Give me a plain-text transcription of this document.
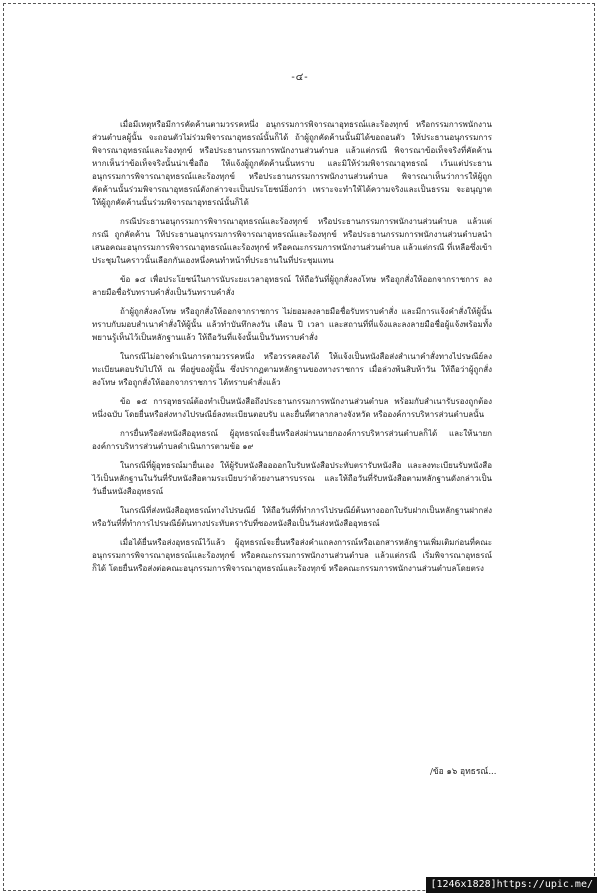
-๔-

เมื่อมีเหตุหรือมีการคัดค้านตามวรรคหนึ่ง อนุกรรมการพิจารณาอุทธรณ์และร้องทุกข์ หรือกรรมการพนักงานส่วนตำบลผู้นั้น จะถอนตัวไม่ร่วมพิจารณาอุทธรณ์นั้นก็ได้ ถ้าผู้ถูกคัดค้านนั้นมิได้ขอถอนตัว ให้ประธานอนุกรรมการพิจารณาอุทธรณ์และร้องทุกข์ หรือประธานกรรมการพนักงานส่วนตำบล แล้วแต่กรณี พิจารณาข้อเท็จจริงที่คัดค้าน หากเห็นว่าข้อเท็จจริงนั้นน่าเชื่อถือ ให้แจ้งผู้ถูกคัดค้านนั้นทราบ และมิให้ร่วมพิจารณาอุทธรณ์ เว้นแต่ประธานอนุกรรมการพิจารณาอุทธรณ์และร้องทุกข์ หรือประธานกรรมการพนักงานส่วนตำบล พิจารณาเห็นว่าการให้ผู้ถูกคัดค้านนั้นร่วมพิจารณาอุทธรณ์ดังกล่าวจะเป็นประโยชน์ยิ่งกว่า เพราะจะทำให้ได้ความจริงและเป็นธรรม จะอนุญาตให้ผู้ถูกคัดค้านนั้นร่วมพิจารณาอุทธรณ์นั้นก็ได้

กรณีประธานอนุกรรมการพิจารณาอุทธรณ์และร้องทุกข์ หรือประธานกรรมการพนักงานส่วนตำบล แล้วแต่กรณี ถูกคัดค้าน ให้ประธานอนุกรรมการพิจารณาอุทธรณ์และร้องทุกข์ หรือประธานกรรมการพนักงานส่วนตำบลนำเสนอคณะอนุกรรมการพิจารณาอุทธรณ์และร้องทุกข์ หรือคณะกรรมการพนักงานส่วนตำบล แล้วแต่กรณี ที่เหลือซึ่งเข้าประชุมในคราวนั้นเลือกกันเองหนึ่งคนทำหน้าที่ประธานในที่ประชุมแทน

ข้อ ๑๔ เพื่อประโยชน์ในการนับระยะเวลาอุทธรณ์ ให้ถือวันที่ผู้ถูกสั่งลงโทษ หรือถูกสั่งให้ออกจากราชการ ลงลายมือชื่อรับทราบคำสั่งเป็นวันทราบคำสั่ง

ถ้าผู้ถูกสั่งลงโทษ หรือถูกสั่งให้ออกจากราชการ ไม่ยอมลงลายมือชื่อรับทราบคำสั่ง และมีการแจ้งคำสั่งให้ผู้นั้นทราบกับมอบสำเนาคำสั่งให้ผู้นั้น แล้วทำบันทึกลงวัน เดือน ปี เวลา และสถานที่ที่แจ้งและลงลายมือชื่อผู้แจ้งพร้อมทั้งพยานรู้เห็นไว้เป็นหลักฐานแล้ว ให้ถือวันที่แจ้งนั้นเป็นวันทราบคำสั่ง

ในกรณีไม่อาจดำเนินการตามวรรคหนึ่ง หรือวรรคสองได้ ให้แจ้งเป็นหนังสือส่งสำเนาคำสั่งทางไปรษณีย์ลงทะเบียนตอบรับไปให้ ณ ที่อยู่ของผู้นั้น ซึ่งปรากฏตามหลักฐานของทางราชการ เมื่อล่วงพ้นสิบห้าวัน ให้ถือว่าผู้ถูกสั่งลงโทษ หรือถูกสั่งให้ออกจากราชการ ได้ทราบคำสั่งแล้ว

ข้อ ๑๕ การอุทธรณ์ต้องทำเป็นหนังสือถึงประธานกรรมการพนักงานส่วนตำบล พร้อมกับสำเนารับรองถูกต้องหนึ่งฉบับ โดยยื่นหรือส่งทางไปรษณีย์ลงทะเบียนตอบรับ และยื่นที่ศาลากลางจังหวัด หรือองค์การบริหารส่วนตำบลนั้น

การยื่นหรือส่งหนังสืออุทธรณ์ ผู้อุทธรณ์จะยื่นหรือส่งผ่านนายกองค์การบริหารส่วนตำบลก็ได้ และให้นายกองค์การบริหารส่วนตำบลดำเนินการตามข้อ ๑๙

ในกรณีที่ผู้อุทธรณ์มายื่นเอง ให้ผู้รับหนังสืออออกใบรับหนังสือประทับตรารับหนังสือ และลงทะเบียนรับหนังสือไว้เป็นหลักฐานในวันที่รับหนังสือตามระเบียบว่าด้วยงานสารบรรณ และให้ถือวันที่รับหนังสือตามหลักฐานดังกล่าวเป็นวันยื่นหนังสืออุทธรณ์

ในกรณีที่ส่งหนังสืออุทธรณ์ทางไปรษณีย์ ให้ถือวันที่ที่ทำการไปรษณีย์ต้นทางออกใบรับฝากเป็นหลักฐานฝากส่ง หรือวันที่ที่ทำการไปรษณีย์ต้นทางประทับตรารับที่ซองหนังสือเป็นวันส่งหนังสืออุทธรณ์

เมื่อได้ยื่นหรือส่งอุทธรณ์ไว้แล้ว ผู้อุทธรณ์จะยื่นหรือส่งคำแถลงการณ์หรือเอกสารหลักฐานเพิ่มเติมก่อนที่คณะอนุกรรมการพิจารณาอุทธรณ์และร้องทุกข์ หรือคณะกรรมการพนักงานส่วนตำบล แล้วแต่กรณี เริ่มพิจารณาอุทธรณ์ก็ได้ โดยยื่นหรือส่งต่อคณะอนุกรรมการพิจารณาอุทธรณ์และร้องทุกข์ หรือคณะกรรมการพนักงานส่วนตำบลโดยตรง

/ข้อ ๑๖ อุทธรณ์...
[1246x1828]https://upic.me/
